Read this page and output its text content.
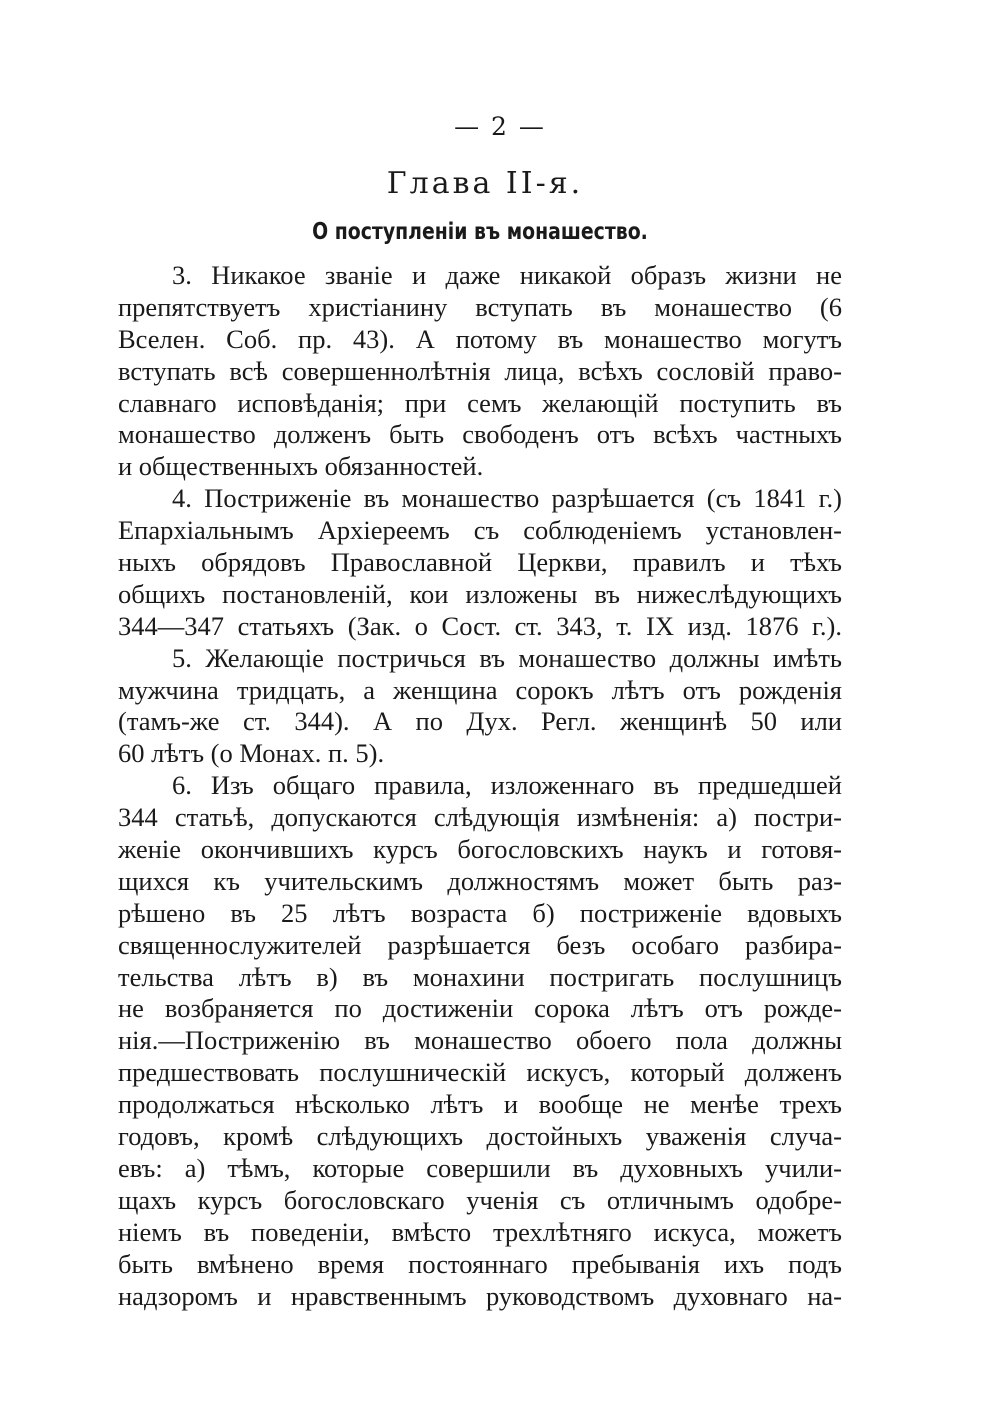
— 2 —
Глава II-я.
О поступленіи въ монашество.
3. Никакое званіе и даже никакой образъ жизни не
препятствуетъ христіанину вступать въ монашество (6
Вселен. Соб. пр. 43). А потому въ монашество могутъ
вступать всѣ совершеннолѣтнія лица, всѣхъ сословій право-
славнаго исповѣданія; при семъ желающій поступить въ
монашество долженъ быть свободенъ отъ всѣхъ частныхъ
и общественныхъ обязанностей.
4. Постриженіе въ монашество разрѣшается (съ 1841 г.)
Епархіальнымъ Архіереемъ съ соблюденіемъ установлен-
ныхъ обрядовъ Православной Церкви, правилъ и тѣхъ
общихъ постановленій, кои изложены въ нижеслѣдующихъ
344—347 статьяхъ (Зак. о Сост. ст. 343, т. IX изд. 1876 г.).
5. Желающіе постричься въ монашество должны имѣть
мужчина тридцать, а женщина сорокъ лѣтъ отъ рожденія
(тамъ-же ст. 344). А по Дух. Регл. женщинѣ 50 или
60 лѣтъ (о Монах. п. 5).
6. Изъ общаго правила, изложеннаго въ предшедшей
344 статьѣ, допускаются слѣдующія измѣненія: а) постри-
женіе окончившихъ курсъ богословскихъ наукъ и готовя-
щихся къ учительскимъ должностямъ может быть раз-
рѣшено въ 25 лѣтъ возраста б) постриженіе вдовыхъ
священнослужителей разрѣшается безъ особаго разбира-
тельства лѣтъ в) въ монахини постригать послушницъ
не возбраняется по достиженіи сорока лѣтъ отъ рожде-
нія.—Постриженію въ монашество обоего пола должны
предшествовать послушническій искусъ, который долженъ
продолжаться нѣсколько лѣтъ и вообще не менѣе трехъ
годовъ, кромѣ слѣдующихъ достойныхъ уваженія случа-
евъ: а) тѣмъ, которые совершили въ духовныхъ учили-
щахъ курсъ богословскаго ученія съ отличнымъ одобре-
ніемъ въ поведеніи, вмѣсто трехлѣтняго искуса, можетъ
быть вмѣнено время постояннаго пребыванія ихъ подъ
надзоромъ и нравственнымъ руководствомъ духовнаго на-
